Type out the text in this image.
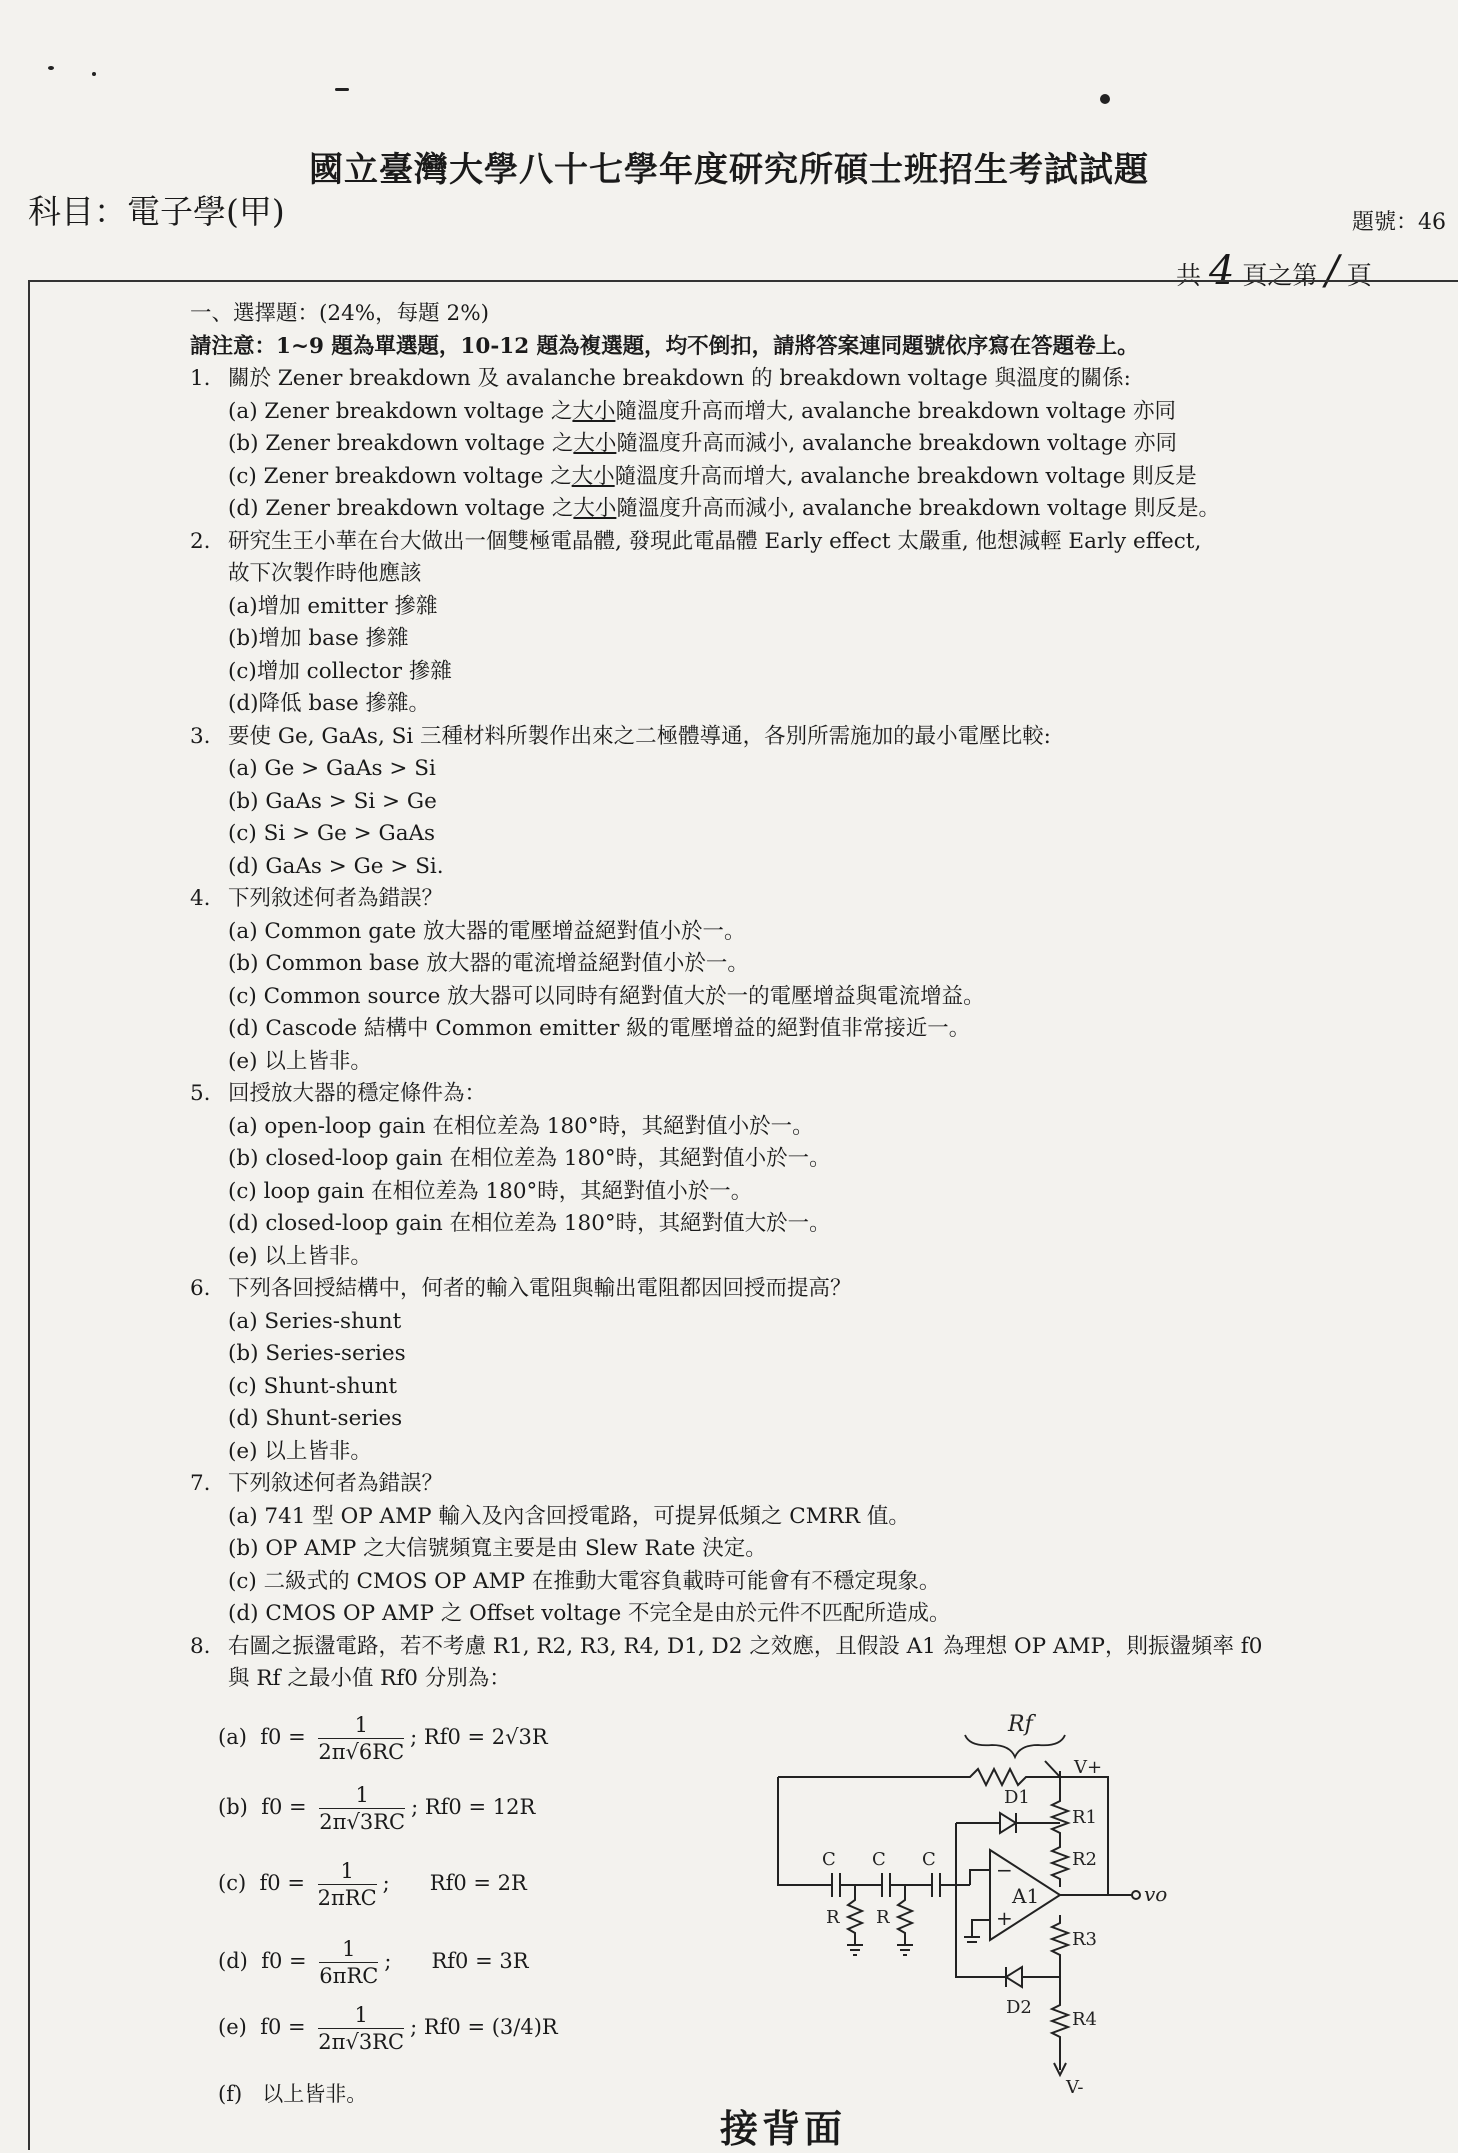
國立臺灣大學八十七學年度研究所碩士班招生考試試題
科目：電子學(甲)	題號：46
共 4 頁之第 / 頁
一、選擇題：(24%，每題 2%)
請注意：1~9 題為單選題，10-12 題為複選題，均不倒扣，請將答案連同題號依序寫在答題卷上。
1. 關於 Zener breakdown 及 avalanche breakdown 的 breakdown voltage 與溫度的關係:
(a) Zener breakdown voltage 之大小隨溫度升高而增大, avalanche breakdown voltage 亦同
(b) Zener breakdown voltage 之大小隨溫度升高而減小, avalanche breakdown voltage 亦同
(c) Zener breakdown voltage 之大小隨溫度升高而增大, avalanche breakdown voltage 則反是
(d) Zener breakdown voltage 之大小隨溫度升高而減小, avalanche breakdown voltage 則反是。
2. 研究生王小華在台大做出一個雙極電晶體, 發現此電晶體 Early effect 太嚴重, 他想減輕 Early effect,
故下次製作時他應該
(a)增加 emitter 摻雜
(b)增加 base 摻雜
(c)增加 collector 摻雜
(d)降低 base 摻雜。
3. 要使 Ge, GaAs, Si 三種材料所製作出來之二極體導通，各別所需施加的最小電壓比較:
(a) Ge > GaAs > Si
(b) GaAs > Si > Ge
(c) Si > Ge > GaAs
(d) GaAs > Ge > Si.
4. 下列敘述何者為錯誤？
(a) Common gate 放大器的電壓增益絕對值小於一。
(b) Common base 放大器的電流增益絕對值小於一。
(c) Common source 放大器可以同時有絕對值大於一的電壓增益與電流增益。
(d) Cascode 結構中 Common emitter 級的電壓增益的絕對值非常接近一。
(e) 以上皆非。
5. 回授放大器的穩定條件為：
(a) open-loop gain 在相位差為 180°時，其絕對值小於一。
(b) closed-loop gain 在相位差為 180°時，其絕對值小於一。
(c) loop gain 在相位差為 180°時，其絕對值小於一。
(d) closed-loop gain 在相位差為 180°時，其絕對值大於一。
(e) 以上皆非。
6. 下列各回授結構中，何者的輸入電阻與輸出電阻都因回授而提高？
(a) Series-shunt
(b) Series-series
(c) Shunt-shunt
(d) Shunt-series
(e) 以上皆非。
7. 下列敘述何者為錯誤？
(a) 741 型 OP AMP 輸入及內含回授電路，可提昇低頻之 CMRR 值。
(b) OP AMP 之大信號頻寬主要是由 Slew Rate 決定。
(c) 二級式的 CMOS OP AMP 在推動大電容負載時可能會有不穩定現象。
(d) CMOS OP AMP 之 Offset voltage 不完全是由於元件不匹配所造成。
8. 右圖之振盪電路，若不考慮 R1, R2, R3, R4, D1, D2 之效應，且假設 A1 為理想 OP AMP，則振盪頻率 f0
與 Rf 之最小值 Rf0 分別為：
(a) $f0 = \frac{1}{2\pi√6RC}$ ; Rf0 = 2√3R
(b) $f0 = \frac{1}{2\pi√3RC}$ ; Rf0 = 12R
(c) $f0 = \frac{1}{\text{2πRC}}$ ;      Rf0 = 2R
(d) $f0 = \frac{1}{\text{6πRC}}$ ;      Rf0 = 3R
(e) $f0 = \frac{1}{2\pi√3RC}$ ; Rf0 = (3/4)R
(f) 以上皆非。
Rf
C C C
R R
A1
−
+
vo
D1
V+
R1
R2
R3
D2
R4
V-
接背面
